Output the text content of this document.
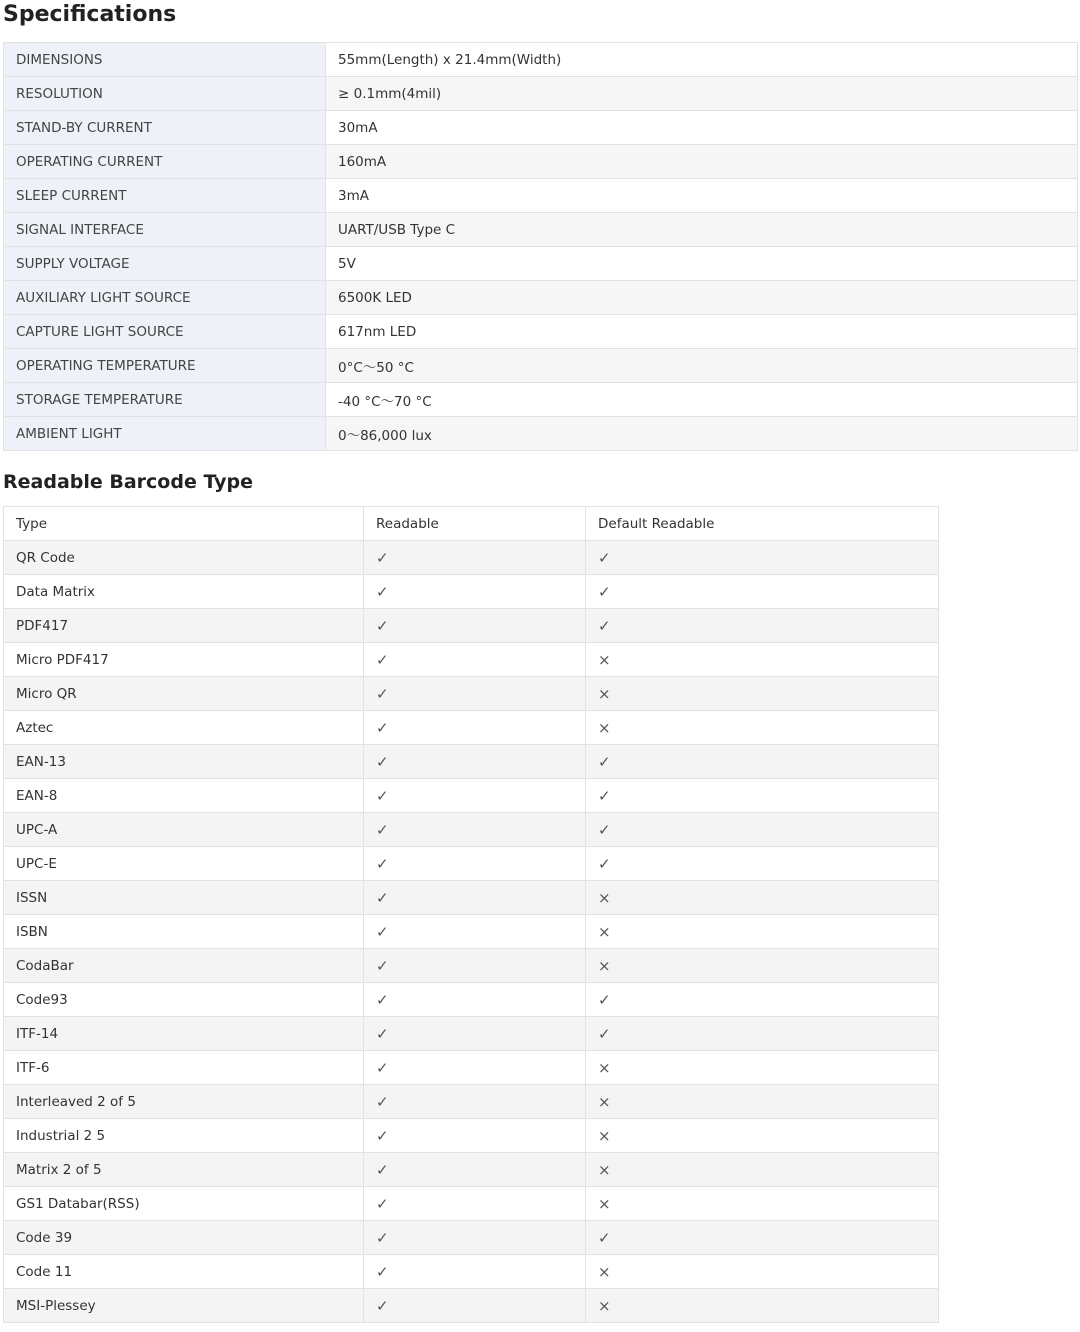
Specifications
DIMENSIONS	55mm(Length) x 21.4mm(Width)
RESOLUTION	≥ 0.1mm(4mil)
STAND-BY CURRENT	30mA
OPERATING CURRENT	160mA
SLEEP CURRENT	3mA
SIGNAL INTERFACE	UART/USB Type C
SUPPLY VOLTAGE	5V
AUXILIARY LIGHT SOURCE	6500K LED
CAPTURE LIGHT SOURCE	617nm LED
OPERATING TEMPERATURE	0°C～50 °C
STORAGE TEMPERATURE	-40 °C～70 °C
AMBIENT LIGHT	0～86,000 lux
Readable Barcode Type
Type	Readable	Default Readable
QR Code	✓	✓
Data Matrix	✓	✓
PDF417	✓	✓
Micro PDF417	✓	×
Micro QR	✓	×
Aztec	✓	×
EAN-13	✓	✓
EAN-8	✓	✓
UPC-A	✓	✓
UPC-E	✓	✓
ISSN	✓	×
ISBN	✓	×
CodaBar	✓	×
Code93	✓	✓
ITF-14	✓	✓
ITF-6	✓	×
Interleaved 2 of 5	✓	×
Industrial 2 5	✓	×
Matrix 2 of 5	✓	×
GS1 Databar(RSS)	✓	×
Code 39	✓	✓
Code 11	✓	×
MSI-Plessey	✓	×
